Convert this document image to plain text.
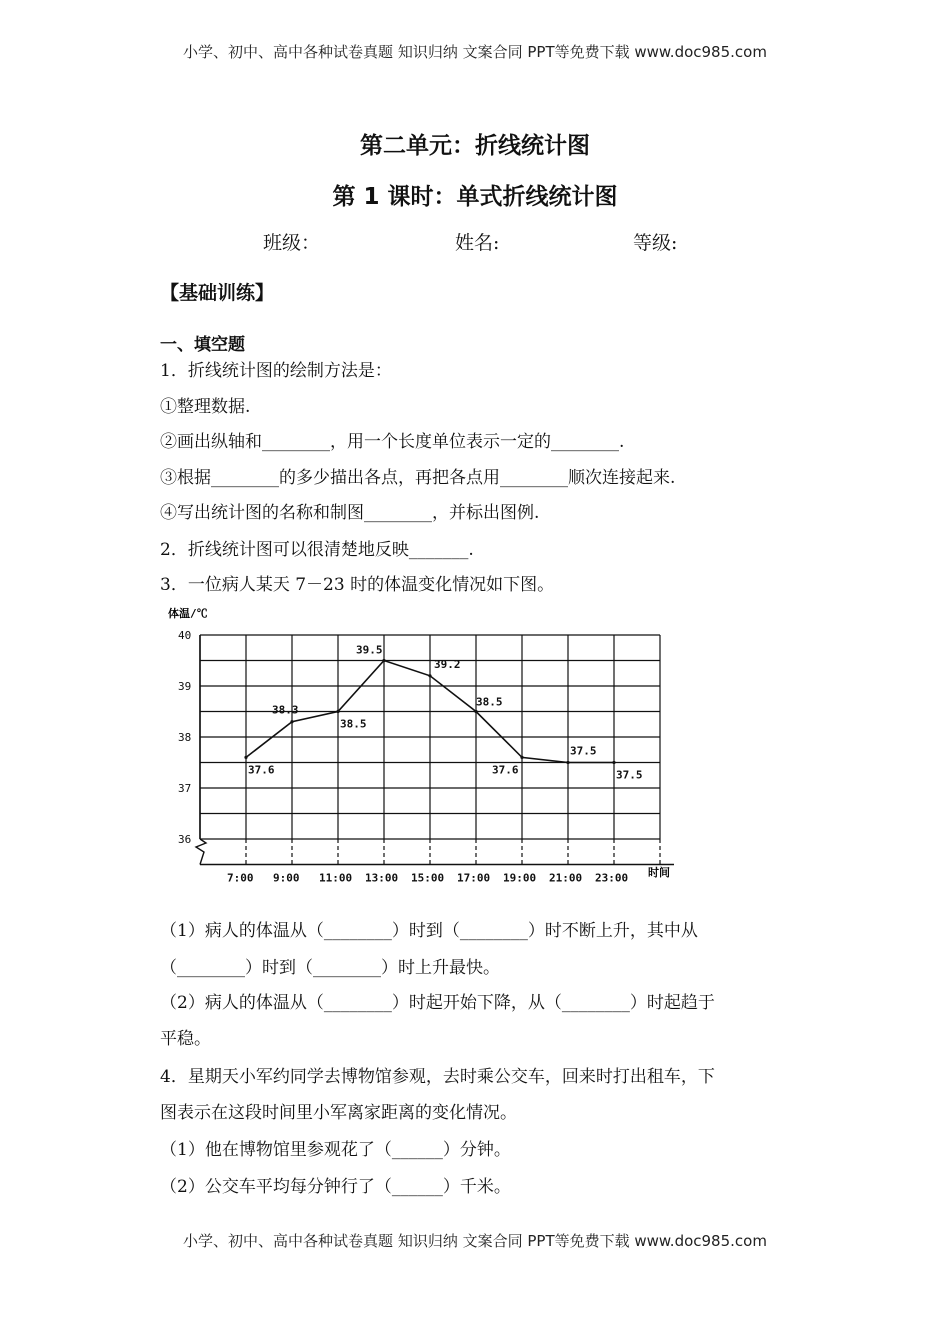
小学、初中、高中各种试卷真题 知识归纳 文案合同 PPT等免费下载 www.doc985.com
第二单元：折线统计图
第 1 课时：单式折线统计图
班级：	姓名:	等级:
【基础训练】
一、填空题
1．折线统计图的绘制方法是：
①整理数据.
②画出纵轴和________，用一个长度单位表示一定的________.
③根据________的多少描出各点，再把各点用________顺次连接起来.
④写出统计图的名称和制图________，并标出图例.
2．折线统计图可以很清楚地反映_______.
3．一位病人某天 7－23 时的体温变化情况如下图。
40
39
38
37
36
7:00 9:00 11:00 13:00 15:00 17:00 19:00 21:00 23:00
37.6
38.3
38.5
39.5
39.2
38.5
37.6
37.5
37.5
体温/℃
时间
（1）病人的体温从（________）时到（________）时不断上升，其中从
（________）时到（________）时上升最快。
（2）病人的体温从（________）时起开始下降，从（________）时起趋于
平稳。
4．星期天小军约同学去博物馆参观，去时乘公交车，回来时打出租车，下
图表示在这段时间里小军离家距离的变化情况。
（1）他在博物馆里参观花了（______）分钟。
（2）公交车平均每分钟行了（______）千米。
小学、初中、高中各种试卷真题 知识归纳 文案合同 PPT等免费下载 www.doc985.com
